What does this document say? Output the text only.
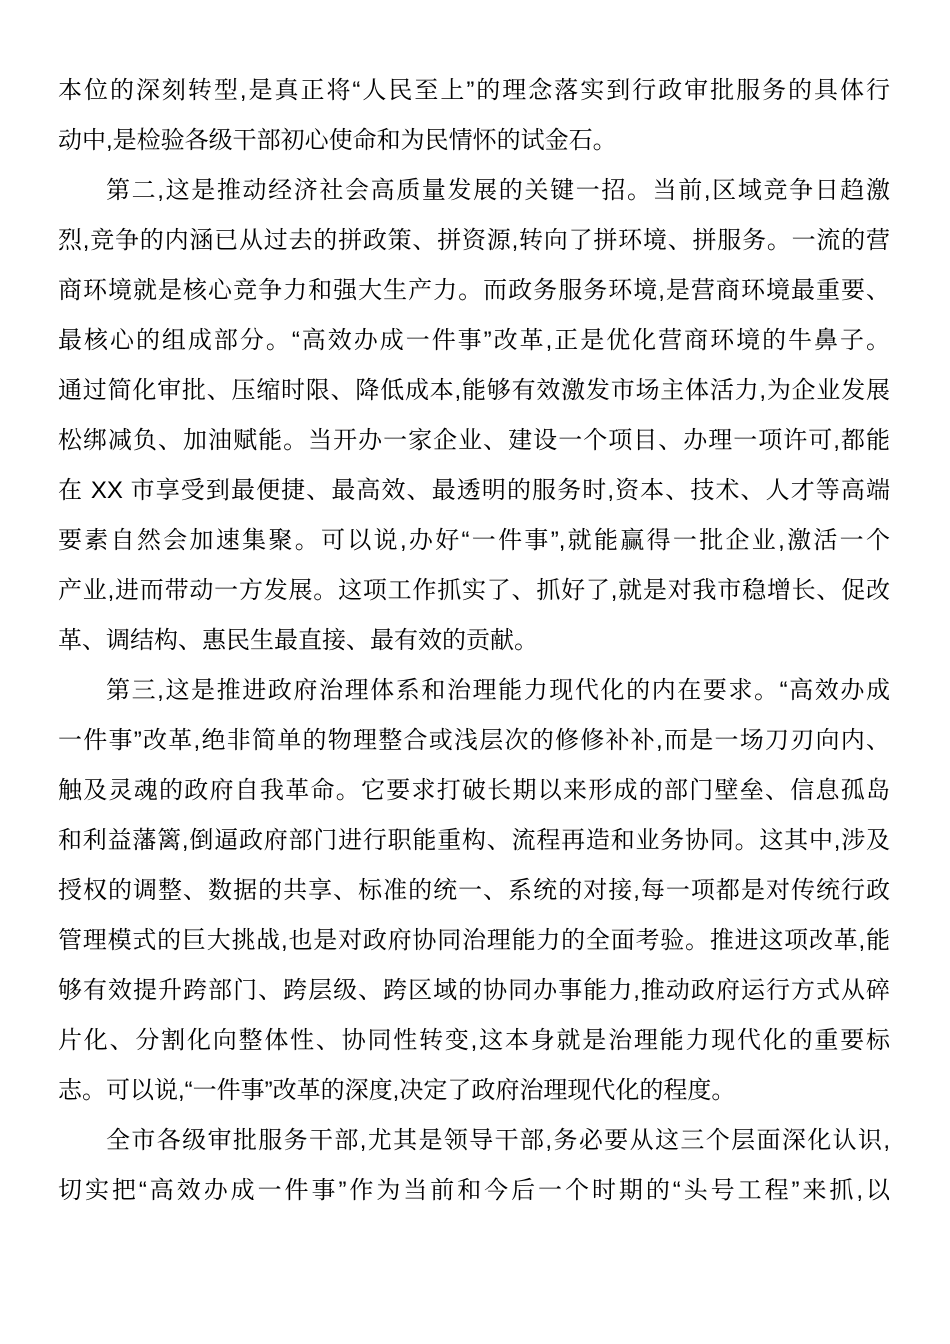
本位的深刻转型,是真正将“人民至上”的理念落实到行政审批服务的具体行
动中,是检验各级干部初心使命和为民情怀的试金石。
第二,这是推动经济社会高质量发展的关键一招。当前,区域竞争日趋激
烈,竞争的内涵已从过去的拼政策、拼资源,转向了拼环境、拼服务。一流的营
商环境就是核心竞争力和强大生产力。而政务服务环境,是营商环境最重要、
最核心的组成部分。“高效办成一件事”改革,正是优化营商环境的牛鼻子。
通过简化审批、压缩时限、降低成本,能够有效激发市场主体活力,为企业发展
松绑减负、加油赋能。当开办一家企业、建设一个项目、办理一项许可,都能
在 XX 市享受到最便捷、最高效、最透明的服务时,资本、技术、人才等高端
要素自然会加速集聚。可以说,办好“一件事”,就能赢得一批企业,激活一个
产业,进而带动一方发展。这项工作抓实了、抓好了,就是对我市稳增长、促改
革、调结构、惠民生最直接、最有效的贡献。
第三,这是推进政府治理体系和治理能力现代化的内在要求。“高效办成
一件事”改革,绝非简单的物理整合或浅层次的修修补补,而是一场刀刃向内、
触及灵魂的政府自我革命。它要求打破长期以来形成的部门壁垒、信息孤岛
和利益藩篱,倒逼政府部门进行职能重构、流程再造和业务协同。这其中,涉及
授权的调整、数据的共享、标准的统一、系统的对接,每一项都是对传统行政
管理模式的巨大挑战,也是对政府协同治理能力的全面考验。推进这项改革,能
够有效提升跨部门、跨层级、跨区域的协同办事能力,推动政府运行方式从碎
片化、分割化向整体性、协同性转变,这本身就是治理能力现代化的重要标
志。可以说,“一件事”改革的深度,决定了政府治理现代化的程度。
全市各级审批服务干部,尤其是领导干部,务必要从这三个层面深化认识,
切实把“高效办成一件事”作为当前和今后一个时期的“头号工程”来抓,以
